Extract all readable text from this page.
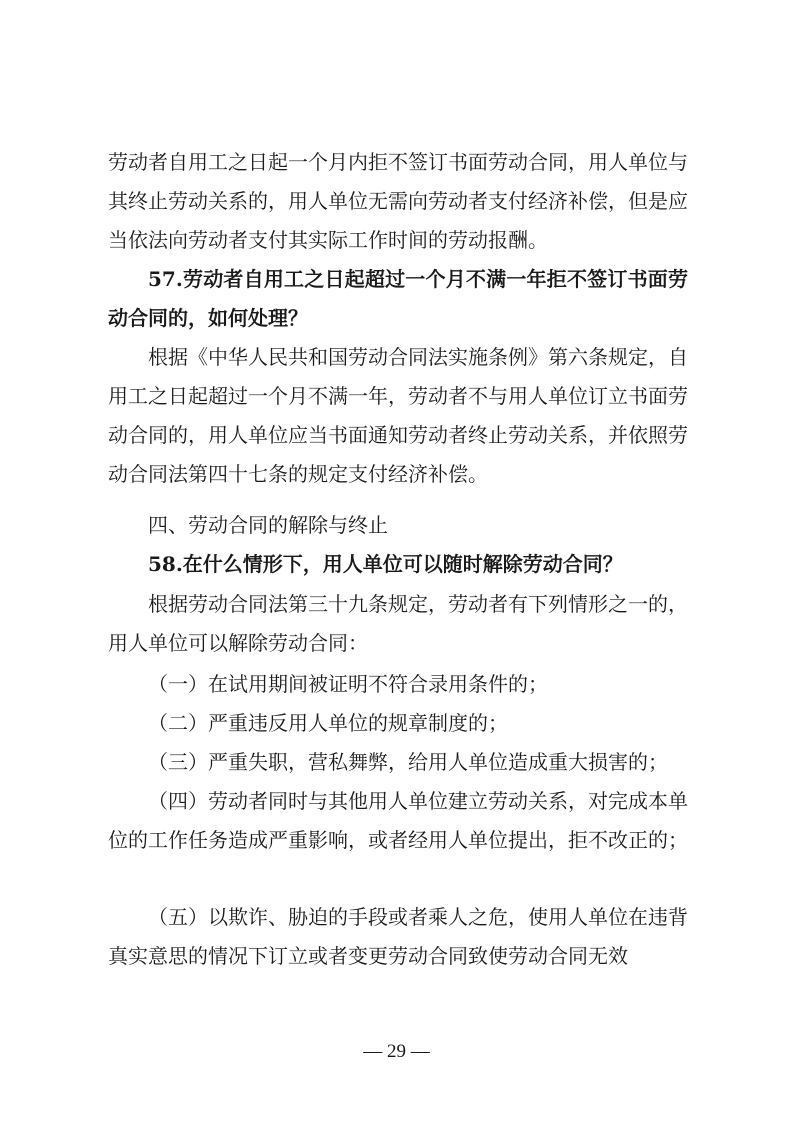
劳动者自用工之日起一个月内拒不签订书面劳动合同，用人单位与其终止劳动关系的，用人单位无需向劳动者支付经济补偿，但是应当依法向劳动者支付其实际工作时间的劳动报酬。

57.劳动者自用工之日起超过一个月不满一年拒不签订书面劳动合同的，如何处理？

根据《中华人民共和国劳动合同法实施条例》第六条规定，自用工之日起超过一个月不满一年，劳动者不与用人单位订立书面劳动合同的，用人单位应当书面通知劳动者终止劳动关系，并依照劳动合同法第四十七条的规定支付经济补偿。

四、劳动合同的解除与终止

58.在什么情形下，用人单位可以随时解除劳动合同？

根据劳动合同法第三十九条规定，劳动者有下列情形之一的，用人单位可以解除劳动合同：

（一）在试用期间被证明不符合录用条件的；

（二）严重违反用人单位的规章制度的；

（三）严重失职，营私舞弊，给用人单位造成重大损害的；

（四）劳动者同时与其他用人单位建立劳动关系，对完成本单位的工作任务造成严重影响，或者经用人单位提出，拒不改正的；

（五）以欺诈、胁迫的手段或者乘人之危，使用人单位在违背真实意思的情况下订立或者变更劳动合同致使劳动合同无效

— 29 —
